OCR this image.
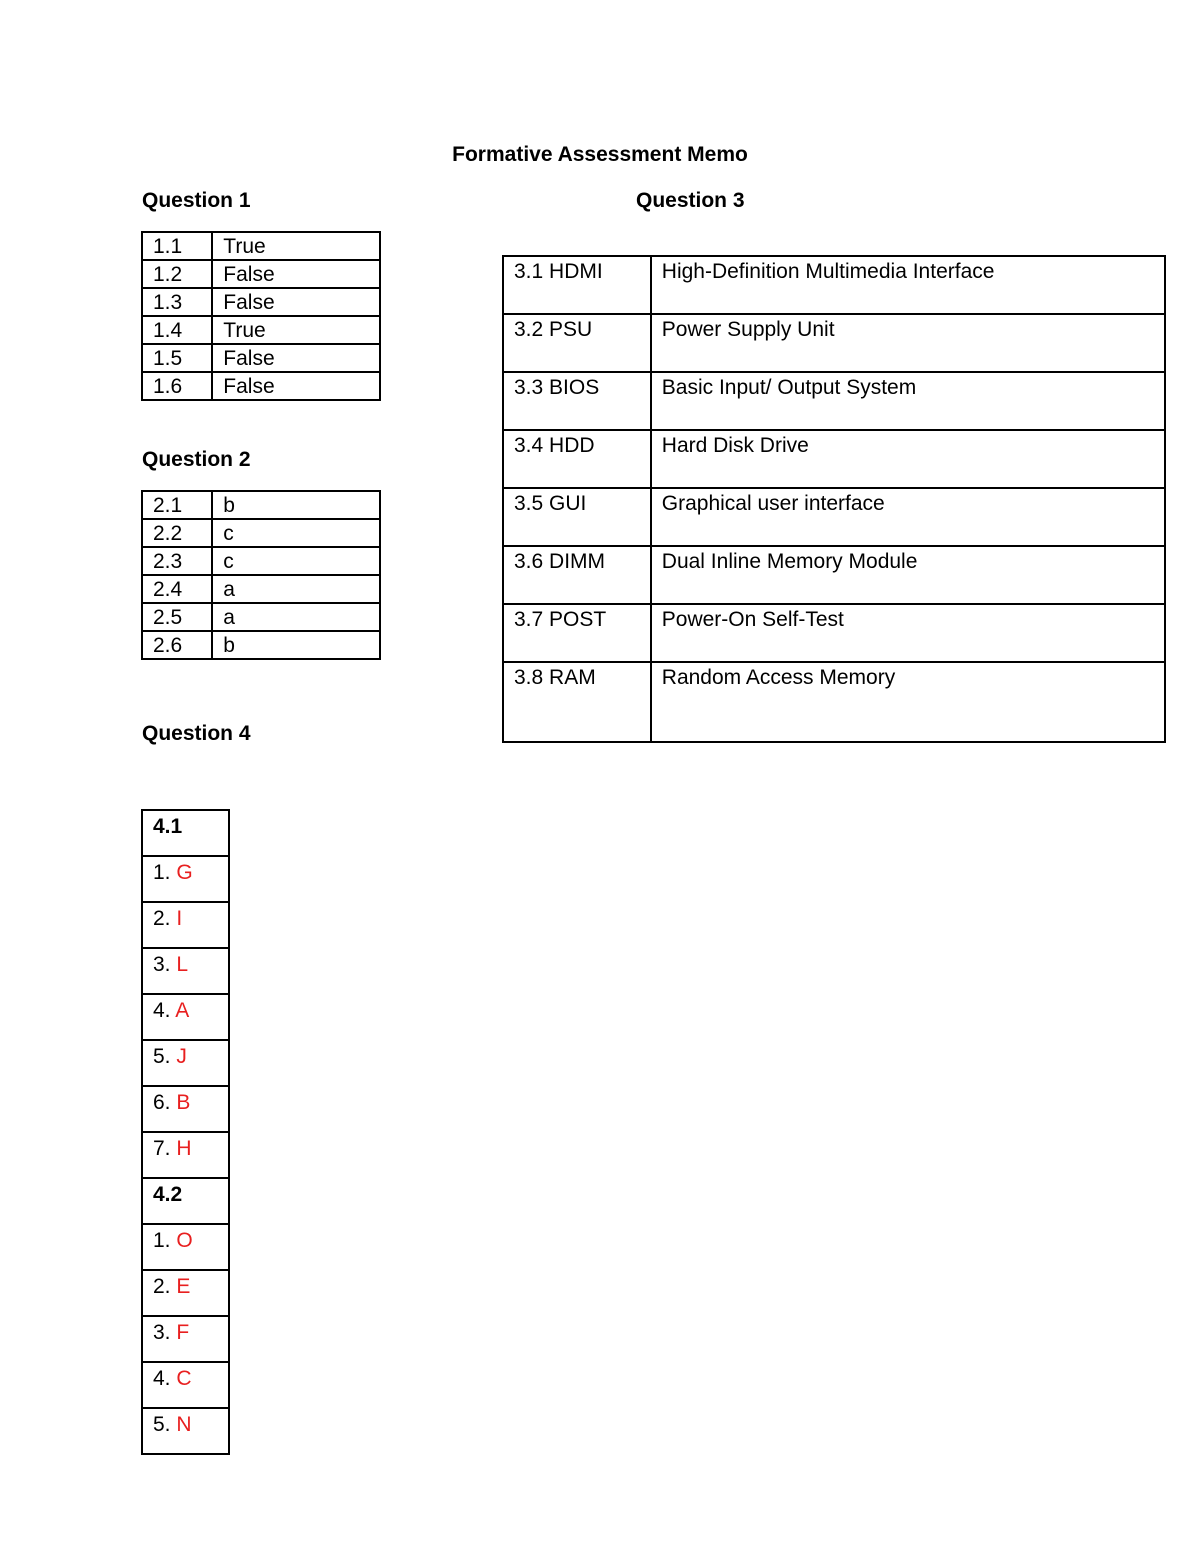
Formative Assessment Memo
Question 1
1.1	True
1.2	False
1.3	False
1.4	True
1.5	False
1.6	False
Question 2
2.1	b
2.2	c
2.3	c
2.4	a
2.5	a
2.6	b
Question 3
3.1 HDMI	High-Definition Multimedia Interface
3.2 PSU	Power Supply Unit
3.3 BIOS	Basic Input/ Output System
3.4 HDD	Hard Disk Drive
3.5 GUI	Graphical user interface
3.6 DIMM	Dual Inline Memory Module
3.7 POST	Power-On Self-Test
3.8 RAM	Random Access Memory
Question 4
4.1
1. G
2. I
3. L
4. A
5. J
6. B
7. H
4.2
1. O
2. E
3. F
4. C
5. N
